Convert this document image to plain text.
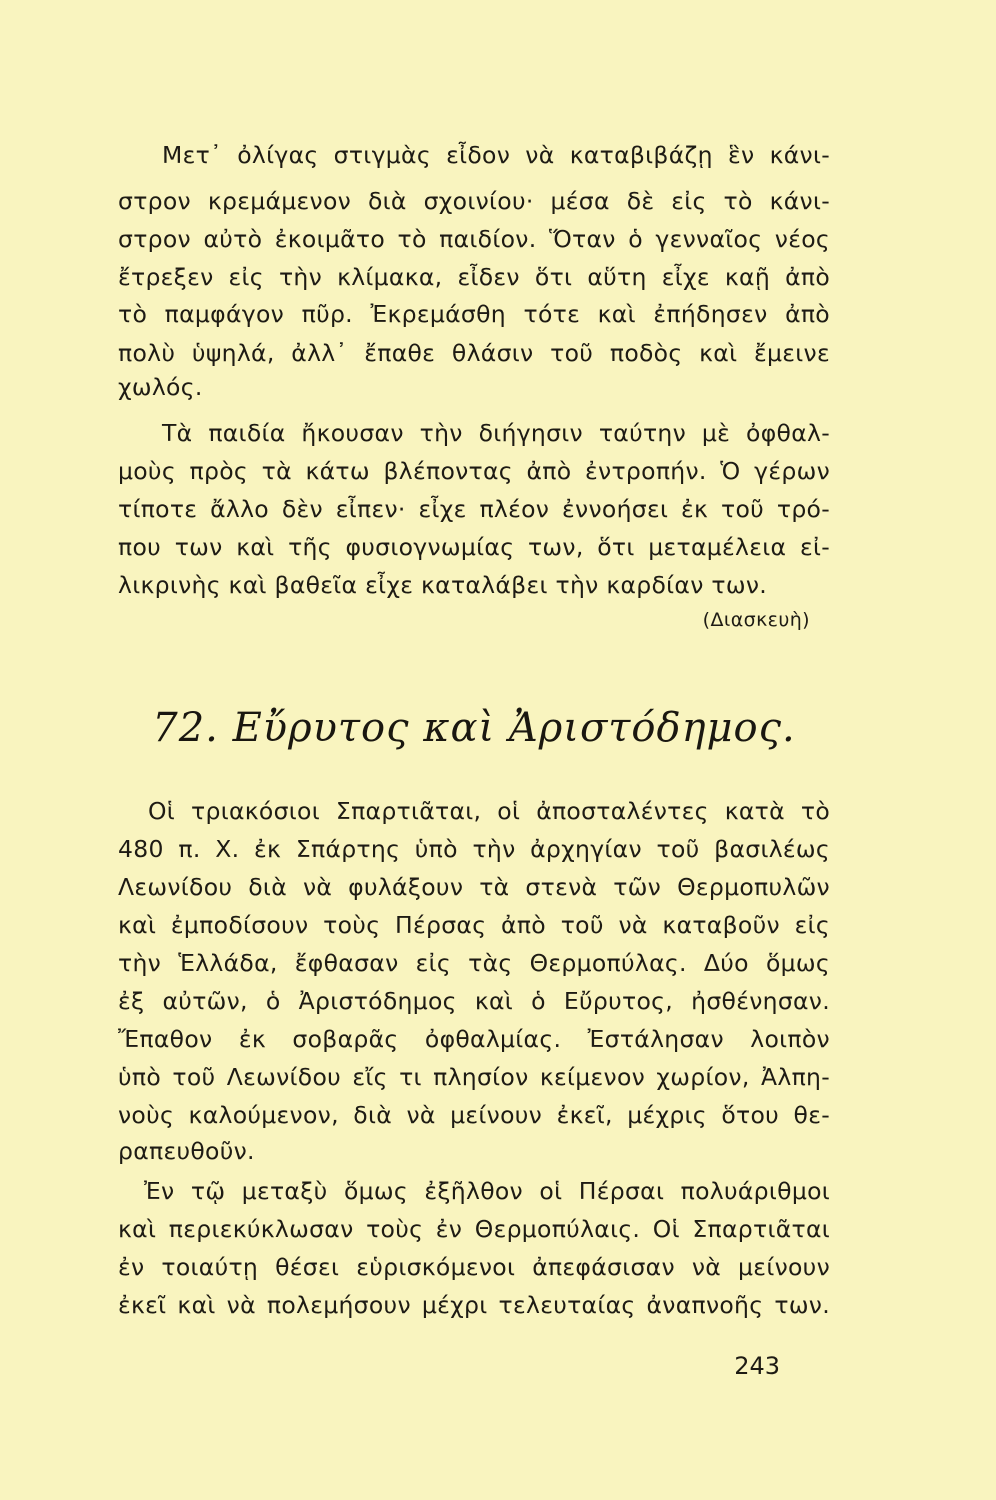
Μετ᾽ ὀλίγας στιγμὰς εἶδον νὰ καταβιβάζῃ ἓν κάνι-
στρον κρεμάμενον διὰ σχοινίου· μέσα δὲ εἰς τὸ κάνι-
στρον αὐτὸ ἐκοιμᾶτο τὸ παιδίον. Ὅταν ὁ γενναῖος νέος
ἔτρεξεν εἰς τὴν κλίμακα, εἶδεν ὅτι αὕτη εἶχε καῇ ἀπὸ
τὸ παμφάγον πῦρ. Ἐκρεμάσθη τότε καὶ ἐπήδησεν ἀπὸ
πολὺ ὑψηλά, ἀλλ᾽ ἔπαθε θλάσιν τοῦ ποδὸς καὶ ἔμεινε
χωλός.
Τὰ παιδία ἤκουσαν τὴν διήγησιν ταύτην μὲ ὀφθαλ-
μοὺς πρὸς τὰ κάτω βλέποντας ἀπὸ ἐντροπήν. Ὁ γέρων
τίποτε ἄλλο δὲν εἶπεν· εἶχε πλέον ἐννοήσει ἐκ τοῦ τρό-
που των καὶ τῆς φυσιογνωμίας των, ὅτι μεταμέλεια εἰ-
λικρινὴς καὶ βαθεῖα εἶχε καταλάβει τὴν καρδίαν των.
(Διασκευὴ)
72. Εὔρυτος καὶ Ἀριστόδημος.
Οἱ τριακόσιοι Σπαρτιᾶται, οἱ ἀποσταλέντες κατὰ τὸ
480 π. Χ. ἐκ Σπάρτης ὑπὸ τὴν ἀρχηγίαν τοῦ βασιλέως
Λεωνίδου διὰ νὰ φυλάξουν τὰ στενὰ τῶν Θερμοπυλῶν
καὶ ἐμποδίσουν τοὺς Πέρσας ἀπὸ τοῦ νὰ καταβοῦν εἰς
τὴν Ἑλλάδα, ἔφθασαν εἰς τὰς Θερμοπύλας. Δύο ὅμως
ἐξ αὐτῶν, ὁ Ἀριστόδημος καὶ ὁ Εὔρυτος, ἠσθένησαν.
Ἔπαθον ἐκ σοβαρᾶς ὀφθαλμίας. Ἐστάλησαν λοιπὸν
ὑπὸ τοῦ Λεωνίδου εἴς τι πλησίον κείμενον χωρίον, Ἀλπη-
νοὺς καλούμενον, διὰ νὰ μείνουν ἐκεῖ, μέχρις ὅτου θε-
ραπευθοῦν.
Ἐν τῷ μεταξὺ ὅμως ἐξῆλθον οἱ Πέρσαι πολυάριθμοι
καὶ περιεκύκλωσαν τοὺς ἐν Θερμοπύλαις. Οἱ Σπαρτιᾶται
ἐν τοιαύτῃ θέσει εὑρισκόμενοι ἀπεφάσισαν νὰ μείνουν
ἐκεῖ καὶ νὰ πολεμήσουν μέχρι τελευταίας ἀναπνοῆς των.
243
